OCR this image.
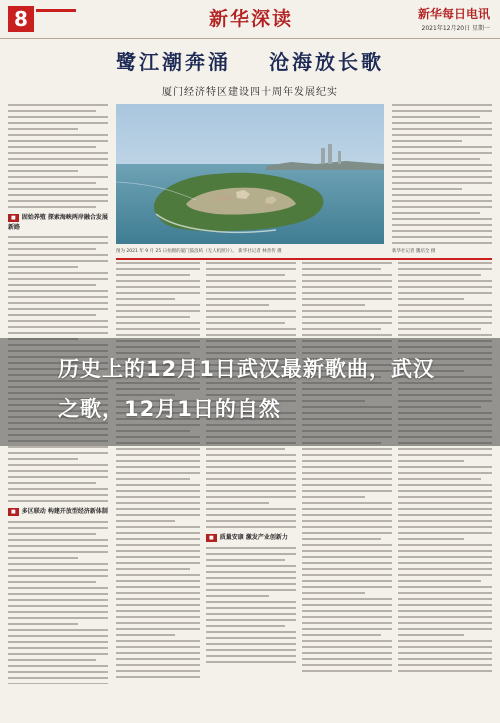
8	新华深读	新华每日电讯
2021年12月20日 星期一
鹭江潮奔涌 沧海放长歌
厦门经济特区建设四十周年发展纪实
■ 固始养殖 探索海峡两岸融合发展新路
■ 多区联动 构建开放型经济新体制
图为 2021 年 9 月 25 日拍摄的厦门鼓浪屿（无人机照片）。 新华社记者 林善传 摄	新华社记者 魏培全 摄
■ 质量安康 激发产业创新力
历史上的12月1日武汉最新歌曲，武汉之歌，12月1日的自然
